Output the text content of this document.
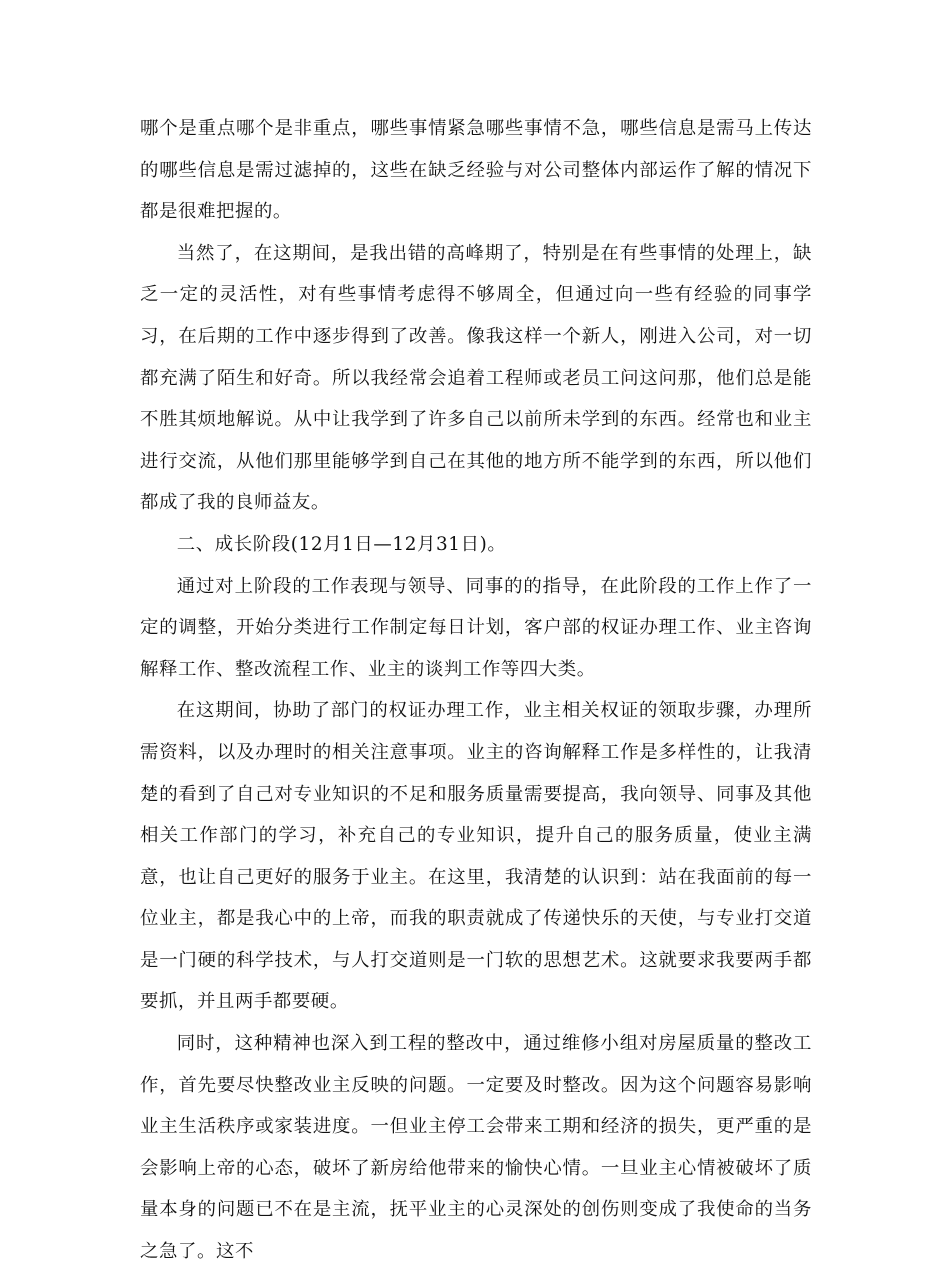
哪个是重点哪个是非重点，哪些事情紧急哪些事情不急，哪些信息是需马上传达的哪些信息是需过滤掉的，这些在缺乏经验与对公司整体内部运作了解的情况下都是很难把握的。

当然了，在这期间，是我出错的高峰期了，特别是在有些事情的处理上，缺乏一定的灵活性，对有些事情考虑得不够周全，但通过向一些有经验的同事学习，在后期的工作中逐步得到了改善。像我这样一个新人，刚进入公司，对一切都充满了陌生和好奇。所以我经常会追着工程师或老员工问这问那，他们总是能不胜其烦地解说。从中让我学到了许多自己以前所未学到的东西。经常也和业主进行交流，从他们那里能够学到自己在其他的地方所不能学到的东西，所以他们都成了我的良师益友。

二、成长阶段(12月1日—12月31日)。

通过对上阶段的工作表现与领导、同事的的指导，在此阶段的工作上作了一定的调整，开始分类进行工作制定每日计划，客户部的权证办理工作、业主咨询解释工作、整改流程工作、业主的谈判工作等四大类。

在这期间，协助了部门的权证办理工作，业主相关权证的领取步骤，办理所需资料，以及办理时的相关注意事项。业主的咨询解释工作是多样性的，让我清楚的看到了自己对专业知识的不足和服务质量需要提高，我向领导、同事及其他相关工作部门的学习，补充自己的专业知识，提升自己的服务质量，使业主满意，也让自己更好的服务于业主。在这里，我清楚的认识到：站在我面前的每一位业主，都是我心中的上帝，而我的职责就成了传递快乐的天使，与专业打交道是一门硬的科学技术，与人打交道则是一门软的思想艺术。这就要求我要两手都要抓，并且两手都要硬。

同时，这种精神也深入到工程的整改中，通过维修小组对房屋质量的整改工作，首先要尽快整改业主反映的问题。一定要及时整改。因为这个问题容易影响业主生活秩序或家装进度。一但业主停工会带来工期和经济的损失，更严重的是会影响上帝的心态，破坏了新房给他带来的愉快心情。一旦业主心情被破坏了质量本身的问题已不在是主流，抚平业主的心灵深处的创伤则变成了我使命的当务之急了。这不
